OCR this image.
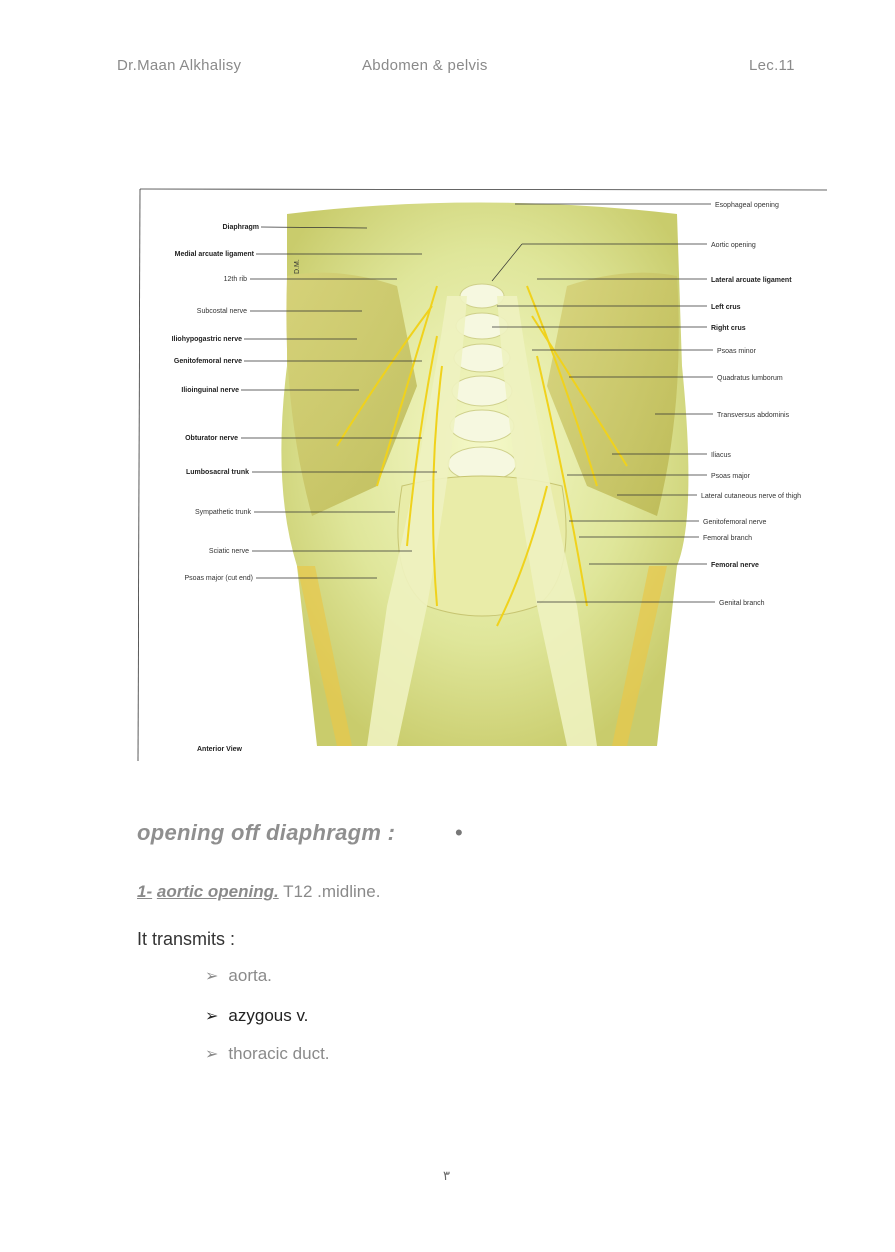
Dr.Maan Alkhalisy	Abdomen & pelvis	Lec.11
Diaphragm
Medial arcuate ligament
12th rib
Subcostal nerve
Iliohypogastric nerve
Genitofemoral nerve
Ilioinguinal nerve
Obturator nerve
Lumbosacral trunk
Sympathetic trunk
Sciatic nerve
Psoas major (cut end)
Esophageal opening
Aortic opening
Lateral arcuate ligament
Left crus
Right crus
Psoas minor
Quadratus lumborum
Transversus abdominis
Iliacus
Psoas major
Lateral cutaneous nerve of thigh
Genitofemoral nerve
Femoral branch
Femoral nerve
Genital branch
D.M.
Anterior View
opening off diaphragm :	•
1- aortic opening. T12 .midline.
It transmits :
➢ aorta.
➢ azygous v.
➢ thoracic duct.
٣
